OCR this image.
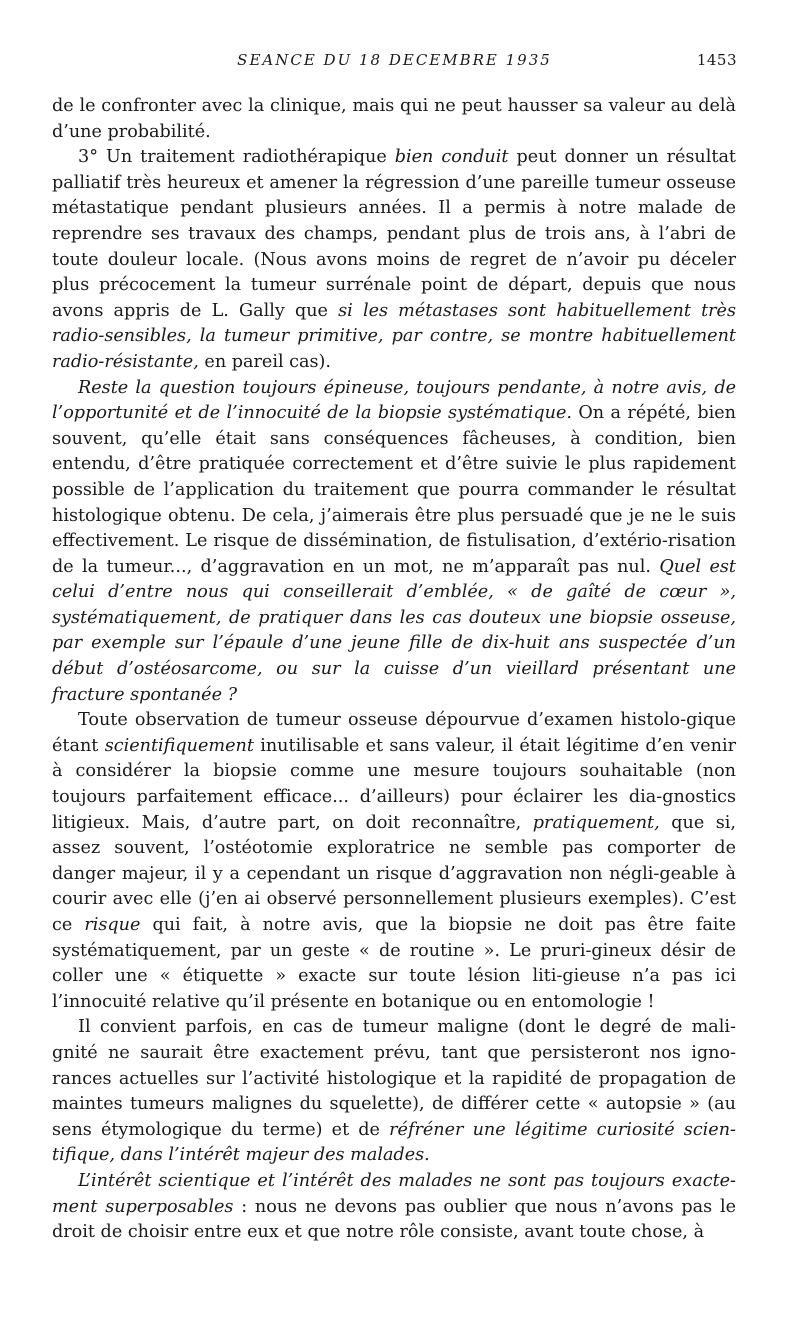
SEANCE DU 18 DECEMBRE 1935	1453

de le confronter avec la clinique, mais qui ne peut hausser sa valeur au delà d’une probabilité.

3° Un traitement radiothérapique bien conduit peut donner un résultat palliatif très heureux et amener la régression d’une pareille tumeur osseuse métastatique pendant plusieurs années. Il a permis à notre malade de reprendre ses travaux des champs, pendant plus de trois ans, à l’abri de toute douleur locale. (Nous avons moins de regret de n’avoir pu déceler plus précocement la tumeur surrénale point de départ, depuis que nous avons appris de L. Gally que si les métastases sont habituellement très radio-sensibles, la tumeur primitive, par contre, se montre habituellement radio-résistante, en pareil cas).

Reste la question toujours épineuse, toujours pendante, à notre avis, de l’opportunité et de l’innocuité de la biopsie systématique. On a répété, bien souvent, qu’elle était sans conséquences fâcheuses, à condition, bien entendu, d’être pratiquée correctement et d’être suivie le plus rapidement possible de l’application du traitement que pourra commander le résultat histologique obtenu. De cela, j’aimerais être plus persuadé que je ne le suis effectivement. Le risque de dissémination, de fistulisation, d’extério-risation de la tumeur..., d’aggravation en un mot, ne m’apparaît pas nul. Quel est celui d’entre nous qui conseillerait d’emblée, « de gaîté de cœur », systématiquement, de pratiquer dans les cas douteux une biopsie osseuse, par exemple sur l’épaule d’une jeune fille de dix-huit ans suspectée d’un début d’ostéosarcome, ou sur la cuisse d’un vieillard présentant une fracture spontanée ?

Toute observation de tumeur osseuse dépourvue d’examen histolo-gique étant scientifiquement inutilisable et sans valeur, il était légitime d’en venir à considérer la biopsie comme une mesure toujours souhaitable (non toujours parfaitement efficace... d’ailleurs) pour éclairer les dia-gnostics litigieux. Mais, d’autre part, on doit reconnaître, pratiquement, que si, assez souvent, l’ostéotomie exploratrice ne semble pas comporter de danger majeur, il y a cependant un risque d’aggravation non négli-geable à courir avec elle (j’en ai observé personnellement plusieurs exemples). C’est ce risque qui fait, à notre avis, que la biopsie ne doit pas être faite systématiquement, par un geste « de routine ». Le pruri-gineux désir de coller une « étiquette » exacte sur toute lésion liti-gieuse n’a pas ici l’innocuité relative qu’il présente en botanique ou en entomologie !

Il convient parfois, en cas de tumeur maligne (dont le degré de mali-gnité ne saurait être exactement prévu, tant que persisteront nos igno-rances actuelles sur l’activité histologique et la rapidité de propagation de maintes tumeurs malignes du squelette), de différer cette « autopsie » (au sens étymologique du terme) et de réfréner une légitime curiosité scien-tifique, dans l’intérêt majeur des malades.

L’intérêt scientique et l’intérêt des malades ne sont pas toujours exacte-ment superposables : nous ne devons pas oublier que nous n’avons pas le droit de choisir entre eux et que notre rôle consiste, avant toute chose, à
